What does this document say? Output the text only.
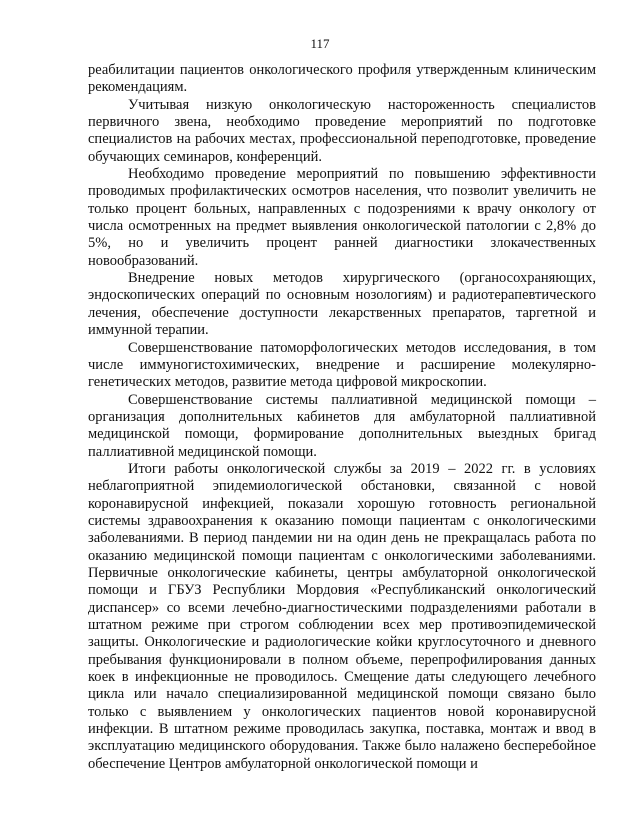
117

реабилитации пациентов онкологического профиля утвержденным клиническим рекомендациям.

Учитывая низкую онкологическую настороженность специалистов первичного звена, необходимо проведение мероприятий по подготовке специалистов на рабочих местах, профессиональной переподготовке, проведение обучающих семинаров, конференций.

Необходимо проведение мероприятий по повышению эффективности проводимых профилактических осмотров населения, что позволит увеличить не только процент больных, направленных с подозрениями к врачу онкологу от числа осмотренных на предмет выявления онкологической патологии с 2,8% до 5%, но и увеличить процент ранней диагностики злокачественных новообразований.

Внедрение новых методов хирургического (органосохраняющих, эндоскопических операций по основным нозологиям) и радиотерапевтического лечения, обеспечение доступности лекарственных препаратов, таргетной и иммунной терапии.

Совершенствование патоморфологических методов исследования, в том числе иммуногистохимических, внедрение и расширение молекулярно-генетических методов, развитие метода цифровой микроскопии.

Совершенствование системы паллиативной медицинской помощи – организация дополнительных кабинетов для амбулаторной паллиативной медицинской помощи, формирование дополнительных выездных бригад паллиативной медицинской помощи.

Итоги работы онкологической службы за 2019 – 2022 гг. в условиях неблагоприятной эпидемиологической обстановки, связанной с новой коронавирусной инфекцией, показали хорошую готовность региональной системы здравоохранения к оказанию помощи пациентам с онкологическими заболеваниями. В период пандемии ни на один день не прекращалась работа по оказанию медицинской помощи пациентам с онкологическими заболеваниями. Первичные онкологические кабинеты, центры амбулаторной онкологической помощи и ГБУЗ Республики Мордовия «Республиканский онкологический диспансер» со всеми лечебно-диагностическими подразделениями работали в штатном режиме при строгом соблюдении всех мер противоэпидемической защиты. Онкологические и радиологические койки круглосуточного и дневного пребывания функционировали в полном объеме, перепрофилирования данных коек в инфекционные не проводилось. Смещение даты следующего лечебного цикла или начало специализированной медицинской помощи связано было только с выявлением у онкологических пациентов новой коронавирусной инфекции. В штатном режиме проводилась закупка, поставка, монтаж и ввод в эксплуатацию медицинского оборудования. Также было налажено бесперебойное обеспечение Центров амбулаторной онкологической помощи и
